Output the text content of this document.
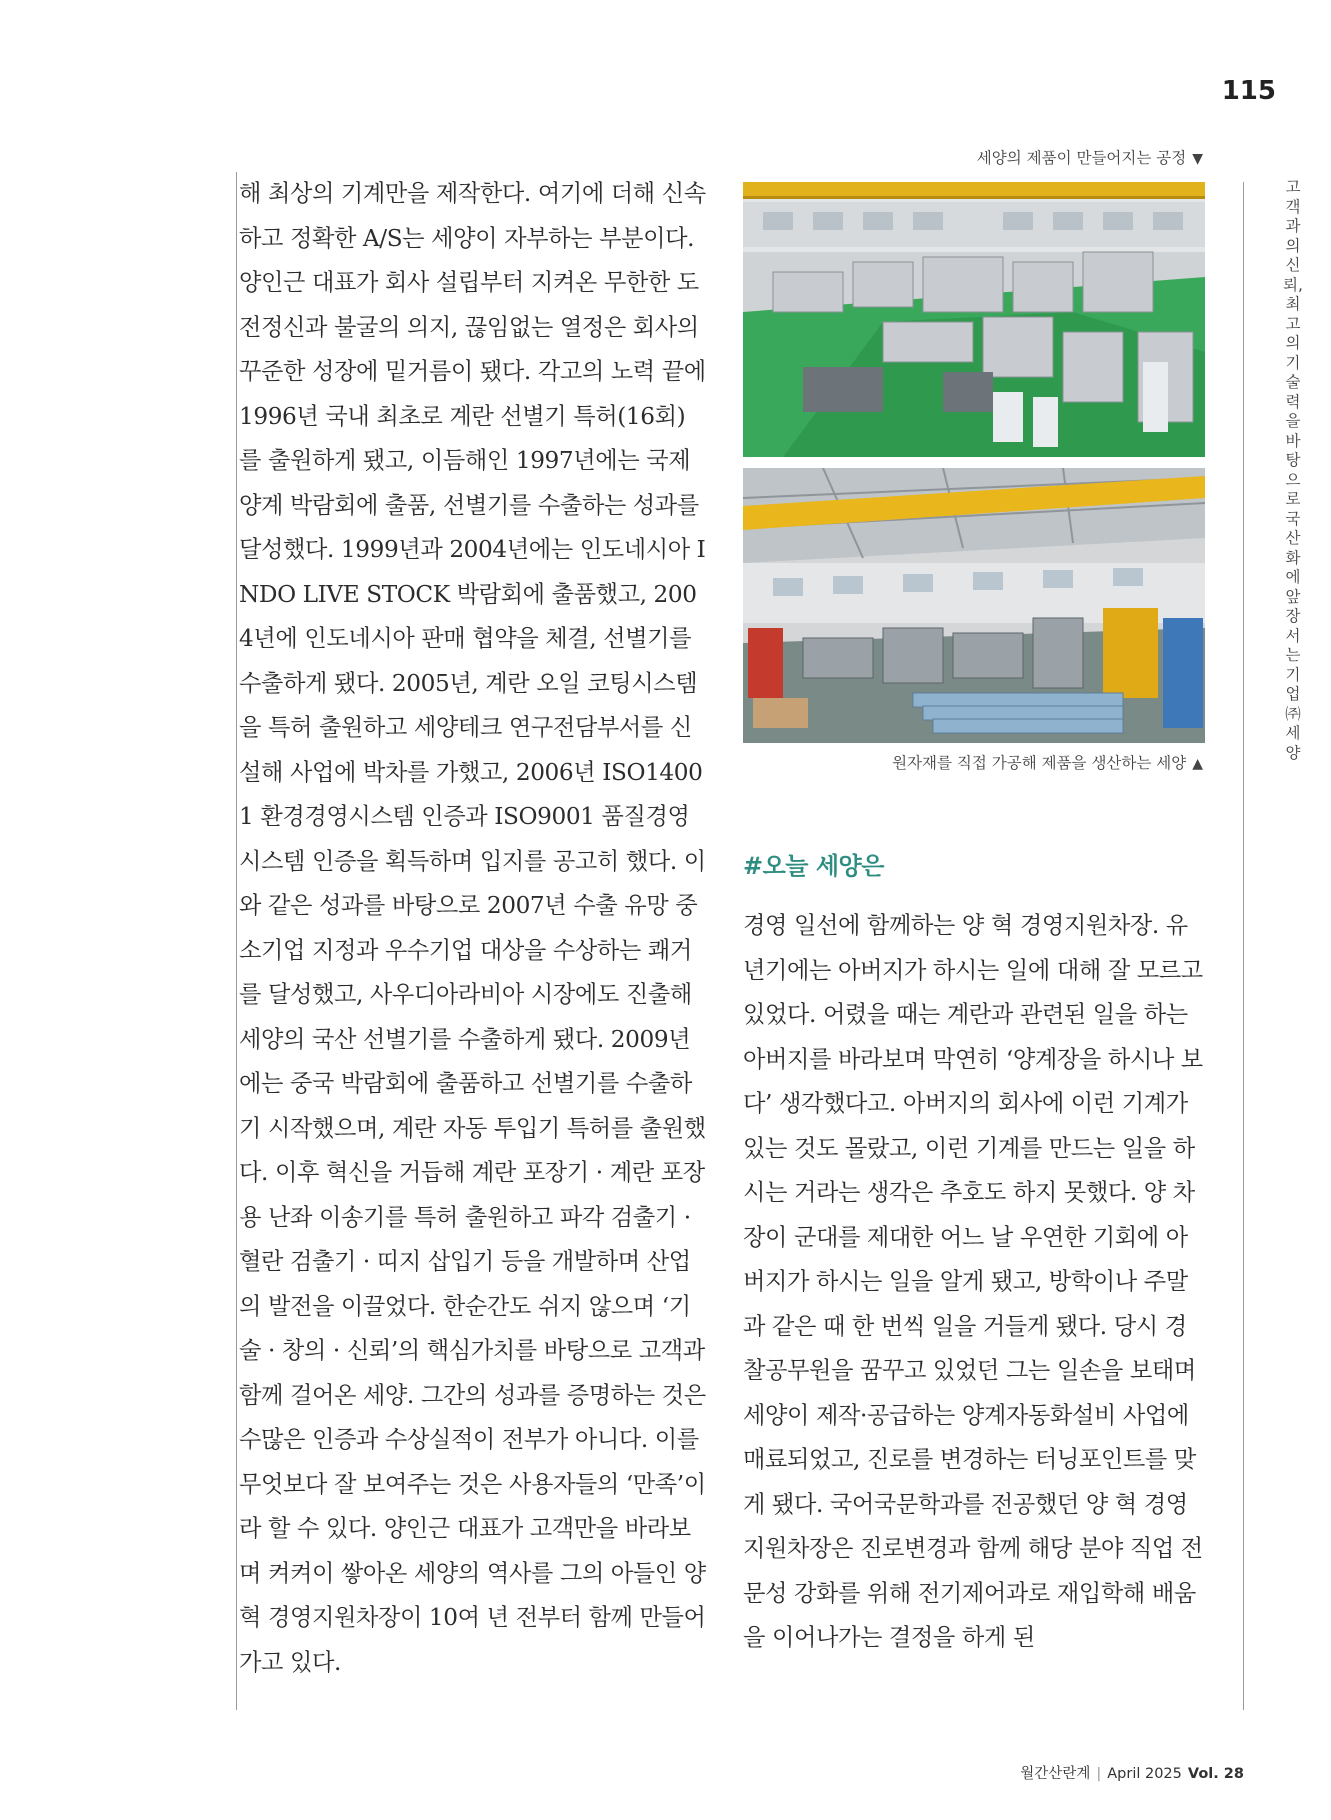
115
세양의 제품이 만들어지는 공정 ▼

해 최상의 기계만을 제작한다. 여기에 더해 신속하고 정확한 A/S는 세양이 자부하는 부분이다. 양인근 대표가 회사 설립부터 지켜온 무한한 도전정신과 불굴의 의지, 끊임없는 열정은 회사의 꾸준한 성장에 밑거름이 됐다. 각고의 노력 끝에 1996년 국내 최초로 계란 선별기 특허(16회)를 출원하게 됐고, 이듬해인 1997년에는 국제 양계 박람회에 출품, 선별기를 수출하는 성과를 달성했다. 1999년과 2004년에는 인도네시아 INDO LIVE STOCK 박람회에 출품했고, 2004년에 인도네시아 판매 협약을 체결, 선별기를 수출하게 됐다. 2005년, 계란 오일 코팅시스템을 특허 출원하고 세양테크 연구전담부서를 신설해 사업에 박차를 가했고, 2006년 ISO14001 환경경영시스템 인증과 ISO9001 품질경영시스템 인증을 획득하며 입지를 공고히 했다. 이와 같은 성과를 바탕으로 2007년 수출 유망 중소기업 지정과 우수기업 대상을 수상하는 쾌거를 달성했고, 사우디아라비아 시장에도 진출해 세양의 국산 선별기를 수출하게 됐다. 2009년에는 중국 박람회에 출품하고 선별기를 수출하기 시작했으며, 계란 자동 투입기 특허를 출원했다. 이후 혁신을 거듭해 계란 포장기 · 계란 포장용 난좌 이송기를 특허 출원하고 파각 검출기 · 혈란 검출기 · 띠지 삽입기 등을 개발하며 산업의 발전을 이끌었다. 한순간도 쉬지 않으며 ‘기술 · 창의 · 신뢰’의 핵심가치를 바탕으로 고객과 함께 걸어온 세양. 그간의 성과를 증명하는 것은 수많은 인증과 수상실적이 전부가 아니다. 이를 무엇보다 잘 보여주는 것은 사용자들의 ‘만족’이라 할 수 있다. 양인근 대표가 고객만을 바라보며 켜켜이 쌓아온 세양의 역사를 그의 아들인 양 혁 경영지원차장이 10여 년 전부터 함께 만들어 가고 있다.

경영 일선에 함께하는 양 혁 경영지원차장. 유년기에는 아버지가 하시는 일에 대해 잘 모르고 있었다. 어렸을 때는 계란과 관련된 일을 하는 아버지를 바라보며 막연히 ‘양계장을 하시나 보다’ 생각했다고. 아버지의 회사에 이런 기계가 있는 것도 몰랐고, 이런 기계를 만드는 일을 하시는 거라는 생각은 추호도 하지 못했다. 양 차장이 군대를 제대한 어느 날 우연한 기회에 아버지가 하시는 일을 알게 됐고, 방학이나 주말과 같은 때 한 번씩 일을 거들게 됐다. 당시 경찰공무원을 꿈꾸고 있었던 그는 일손을 보태며 세양이 제작·공급하는 양계자동화설비 사업에 매료되었고, 진로를 변경하는 터닝포인트를 맞게 됐다. 국어국문학과를 전공했던 양 혁 경영지원차장은 진로변경과 함께 해당 분야 직업 전문성 강화를 위해 전기제어과로 재입학해 배움을 이어나가는 결정을 하게 된

원자재를 직접 가공해 제품을 생산하는 세양 ▲
#오늘 세양은
고객과의 신뢰, 최고의 기술력을 바탕으로 국산화에 앞장서는 기업 ㈜세양
월간산란계 | April 2025 Vol. 28
